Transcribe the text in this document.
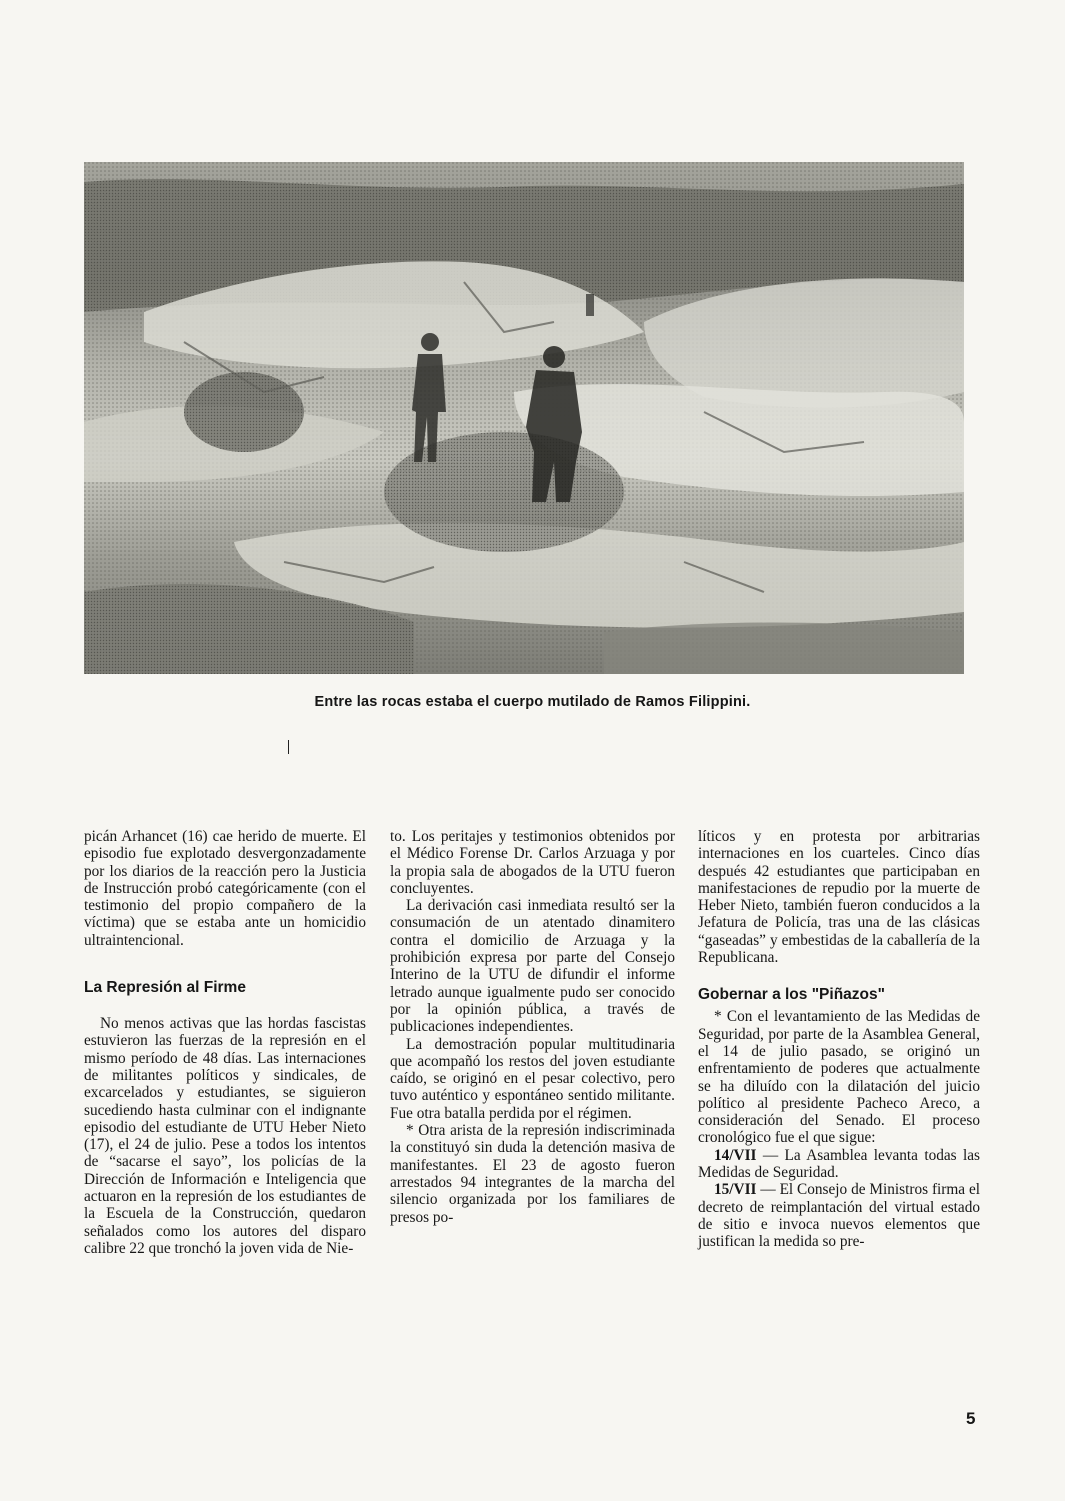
Entre las rocas estaba el cuerpo mutilado de Ramos Filippini.

picán Arhancet (16) cae herido de muerte. El episodio fue explotado desvergonzadamente por los diarios de la reacción pero la Justicia de Instrucción probó categóricamente (con el testimonio del propio compañero de la víctima) que se estaba ante un homicidio ultraintencional.

La Represión al Firme

No menos activas que las hordas fascistas estuvieron las fuerzas de la represión en el mismo período de 48 días. Las internaciones de militantes políticos y sindicales, de excarcelados y estudiantes, se siguieron sucediendo hasta culminar con el indignante episodio del estudiante de UTU Heber Nieto (17), el 24 de julio. Pese a todos los intentos de “sacarse el sayo”, los policías de la Dirección de Información e Inteligencia que actuaron en la represión de los estudiantes de la Escuela de la Construcción, quedaron señalados como los autores del disparo calibre 22 que tronchó la joven vida de Nie-

to. Los peritajes y testimonios obtenidos por el Médico Forense Dr. Carlos Arzuaga y por la propia sala de abogados de la UTU fueron concluyentes.

La derivación casi inmediata resultó ser la consumación de un atentado dinamitero contra el domicilio de Arzuaga y la prohibición expresa por parte del Consejo Interino de la UTU de difundir el informe letrado aunque igualmente pudo ser conocido por la opinión pública, a través de publicaciones independientes.

La demostración popular multitudinaria que acompañó los restos del joven estudiante caído, se originó en el pesar colectivo, pero tuvo auténtico y espontáneo sentido militante. Fue otra batalla perdida por el régimen.

* Otra arista de la represión indiscriminada la constituyó sin duda la detención masiva de manifestantes. El 23 de agosto fueron arrestados 94 integrantes de la marcha del silencio organizada por los familiares de presos po-

líticos y en protesta por arbitrarias internaciones en los cuarteles. Cinco días después 42 estudiantes que participaban en manifestaciones de repudio por la muerte de Heber Nieto, también fueron conducidos a la Jefatura de Policía, tras una de las clásicas “gaseadas” y embestidas de la caballería de la Republicana.

Gobernar a los "Piñazos"

* Con el levantamiento de las Medidas de Seguridad, por parte de la Asamblea General, el 14 de julio pasado, se originó un enfrentamiento de poderes que actualmente se ha diluído con la dilatación del juicio político al presidente Pacheco Areco, a consideración del Senado. El proceso cronológico fue el que sigue:

14/VII — La Asamblea levanta todas las Medidas de Seguridad.

15/VII — El Consejo de Ministros firma el decreto de reimplantación del virtual estado de sitio e invoca nuevos elementos que justifican la medida so pre-

5
